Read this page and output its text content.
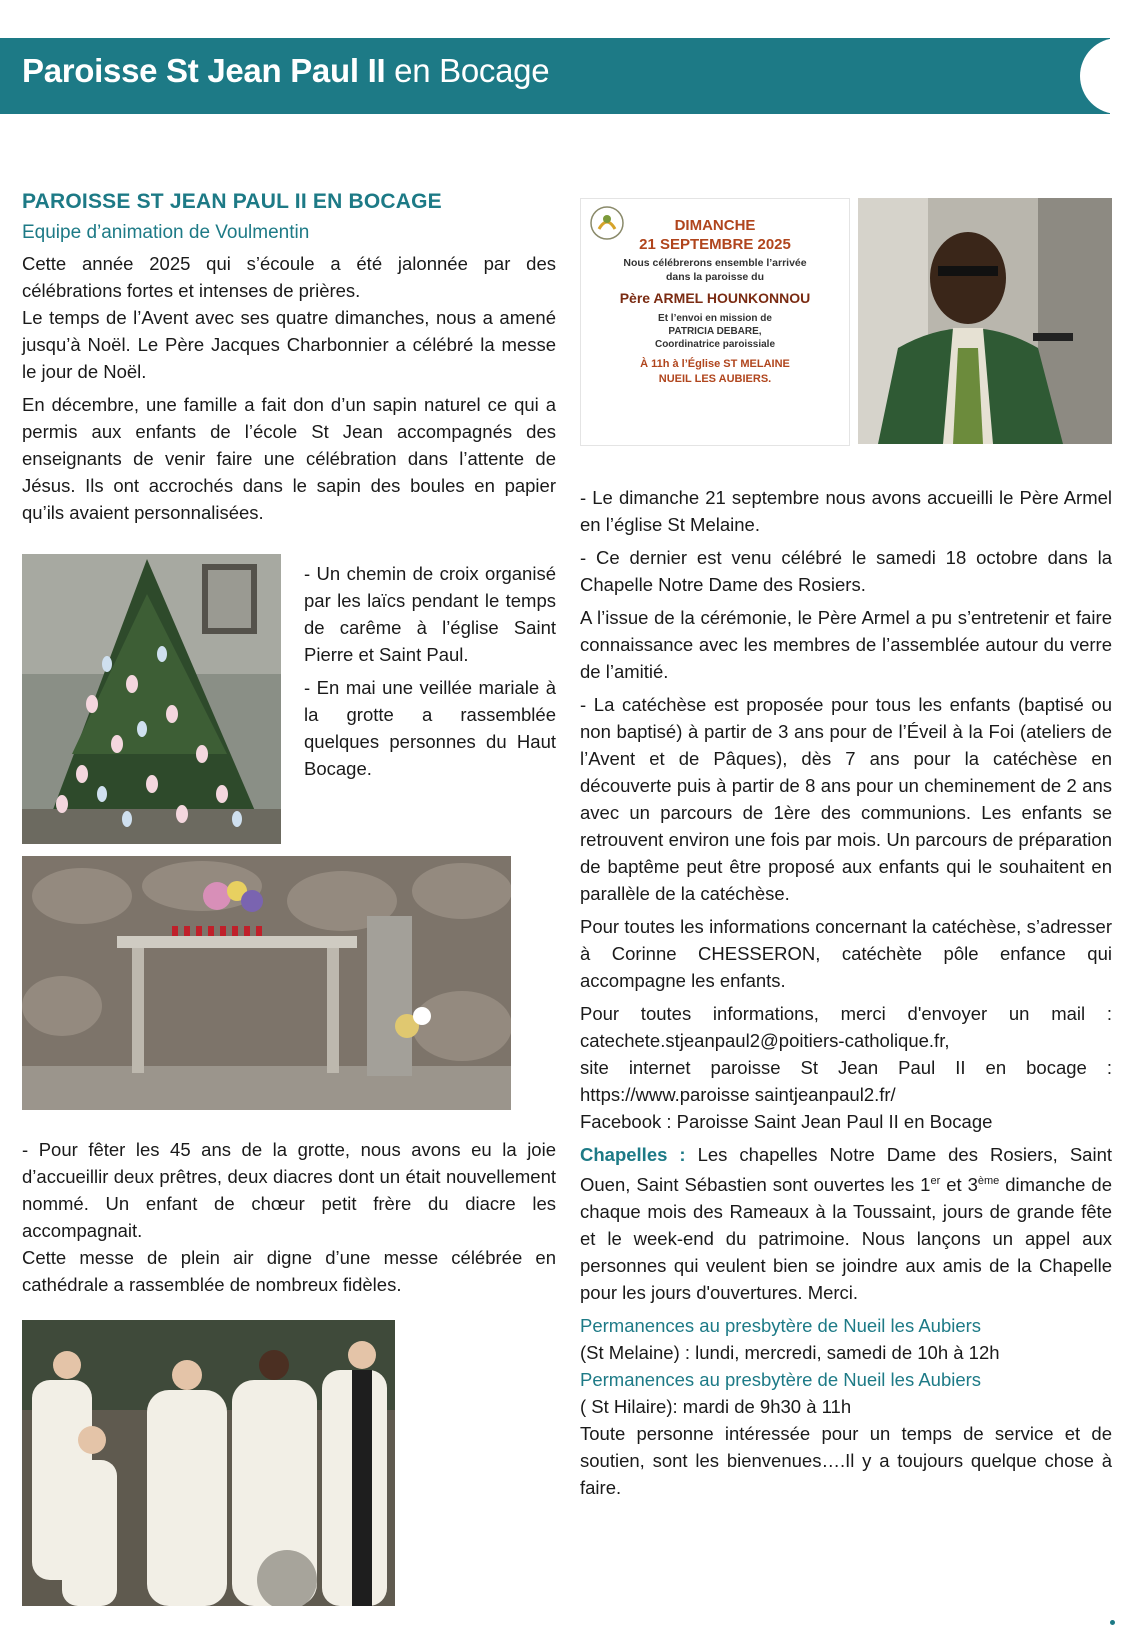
Paroisse St Jean Paul II en Bocage
PAROISSE ST JEAN PAUL II EN BOCAGE
Equipe d’animation de Voulmentin

Cette année 2025 qui s’écoule a été jalonnée par des célébrations fortes et intenses de prières.

Le temps de l’Avent avec ses quatre dimanches, nous a amené jusqu’à Noël. Le Père Jacques Charbonnier a célébré la messe le jour de Noël.

En décembre, une famille a fait don d’un sapin naturel ce qui a permis aux enfants de l’école St Jean accompagnés des enseignants de venir faire une célébration dans l’attente de Jésus. Ils ont accrochés dans le sapin des boules en papier qu’ils avaient personnalisées.

- Un chemin de croix organisé par les laïcs pendant le temps de carême à l’église Saint Pierre et Saint Paul.

- En mai une veillée mariale à la grotte a rassemblée quelques personnes du Haut Bocage.

- Pour fêter les 45 ans de la grotte, nous avons eu la joie d’accueillir deux prêtres, deux diacres dont un était nouvellement nommé. Un enfant de chœur petit frère du diacre les accompagnait.

Cette messe de plein air digne d’une messe célébrée en cathédrale a rassemblée de nombreux fidèles.

DIMANCHE
21 SEPTEMBRE 2025
Nous célébrerons ensemble l’arrivée
dans la paroisse du
Père ARMEL HOUNKONNOU
Et l’envoi en mission de
PATRICIA DEBARE,
Coordinatrice paroissiale
À 11h à l’Église ST MELAINE
NUEIL LES AUBIERS.

- Le dimanche 21 septembre nous avons accueilli le Père Armel en l’église St Melaine.

- Ce dernier est venu célébré le samedi 18 octobre dans la Chapelle Notre Dame des Rosiers.

A l’issue de la cérémonie, le Père Armel a pu s’entretenir et faire connaissance avec les membres de l’assemblée autour du verre de l’amitié.

- La catéchèse est proposée pour tous les enfants (baptisé ou non baptisé) à partir de 3 ans pour de l’Éveil à la Foi (ateliers de l’Avent et de Pâques), dès 7 ans pour la catéchèse en découverte puis à partir de 8 ans pour un cheminement de 2 ans avec un parcours de 1ère des communions. Les enfants se retrouvent environ une fois par mois. Un parcours de préparation de baptême peut être proposé aux enfants qui le souhaitent en parallèle de la catéchèse.

Pour toutes les informations concernant la catéchèse, s’adresser à Corinne CHESSERON, catéchète pôle enfance qui accompagne les enfants.

Pour toutes informations, merci d'envoyer un mail : catechete.stjeanpaul2@poitiers-catholique.fr,

site internet paroisse St Jean Paul II en bocage : https://www.paroisse saintjeanpaul2.fr/

Facebook : Paroisse Saint Jean Paul II en Bocage

Chapelles : Les chapelles Notre Dame des Rosiers, Saint Ouen, Saint Sébastien sont ouvertes les 1er et 3ème dimanche de chaque mois des Rameaux à la Toussaint, jours de grande fête et le week-end du patrimoine. Nous lançons un appel aux personnes qui veulent bien se joindre aux amis de la Chapelle pour les jours d'ouvertures. Merci.

Permanences au presbytère de Nueil les Aubiers
(St Melaine) : lundi, mercredi, samedi de 10h à 12h
Permanences au presbytère de Nueil les Aubiers
( St Hilaire): mardi de 9h30 à 11h

Toute personne intéressée pour un temps de service et de soutien, sont les bienvenues….Il y a toujours quelque chose à faire.
